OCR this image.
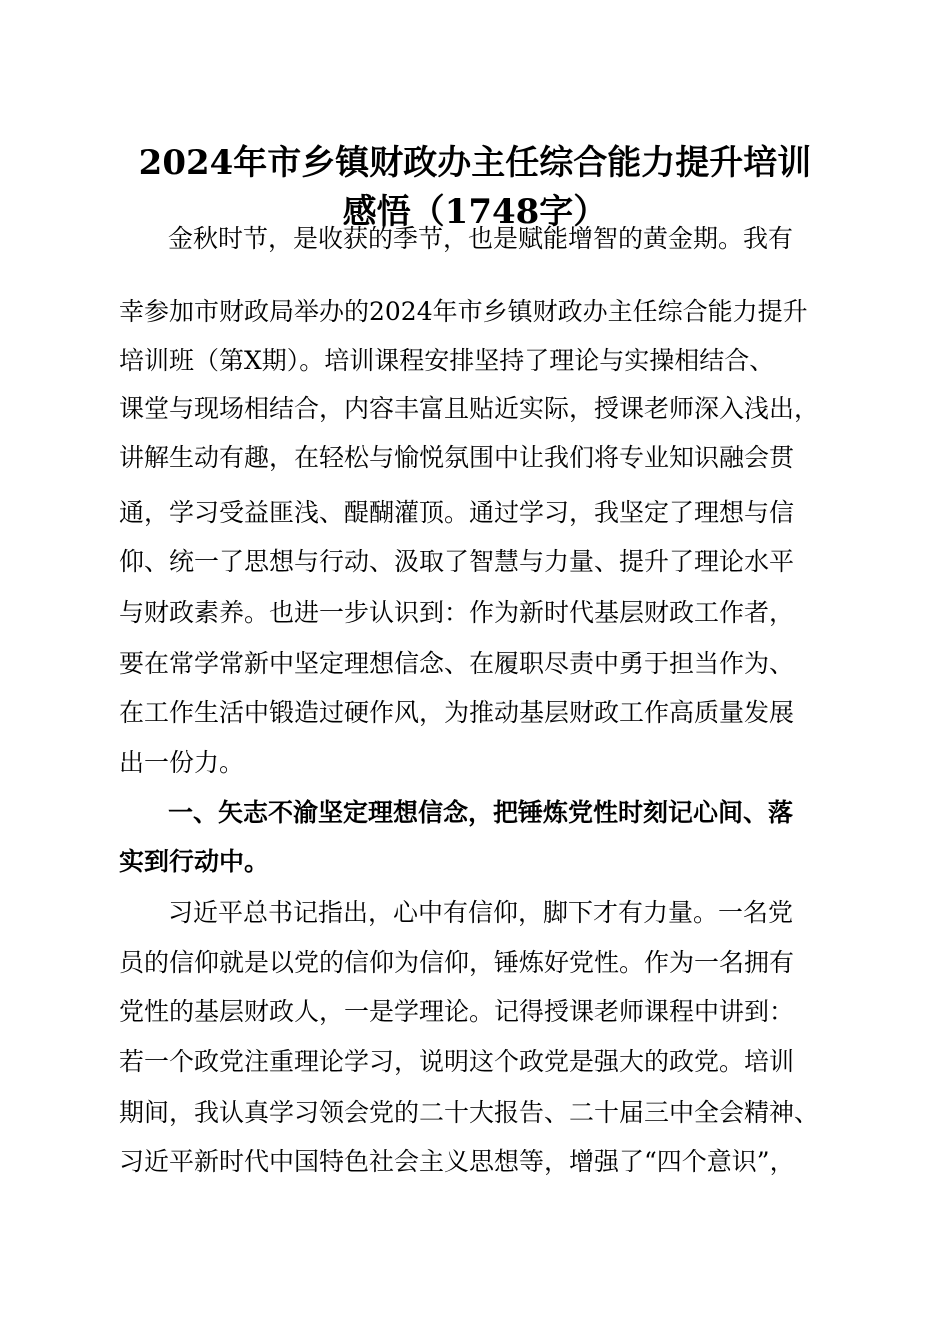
2024年市乡镇财政办主任综合能力提升培训
感悟（1748字）

金秋时节，是收获的季节，也是赋能增智的黄金期。我有

幸参加市财政局举办的2024年市乡镇财政办主任综合能力提升

培训班（第X期）。培训课程安排坚持了理论与实操相结合、

课堂与现场相结合，内容丰富且贴近实际，授课老师深入浅出，

讲解生动有趣，在轻松与愉悦氛围中让我们将专业知识融会贯

通，学习受益匪浅、醍醐灌顶。通过学习，我坚定了理想与信

仰、统一了思想与行动、汲取了智慧与力量、提升了理论水平

与财政素养。也进一步认识到：作为新时代基层财政工作者，

要在常学常新中坚定理想信念、在履职尽责中勇于担当作为、

在工作生活中锻造过硬作风，为推动基层财政工作高质量发展

出一份力。

一、矢志不渝坚定理想信念，把锤炼党性时刻记心间、落

实到行动中。

习近平总书记指出，心中有信仰，脚下才有力量。一名党

员的信仰就是以党的信仰为信仰，锤炼好党性。作为一名拥有

党性的基层财政人，一是学理论。记得授课老师课程中讲到：

若一个政党注重理论学习，说明这个政党是强大的政党。培训

期间，我认真学习领会党的二十大报告、二十届三中全会精神、

习近平新时代中国特色社会主义思想等，增强了“四个意识”，
